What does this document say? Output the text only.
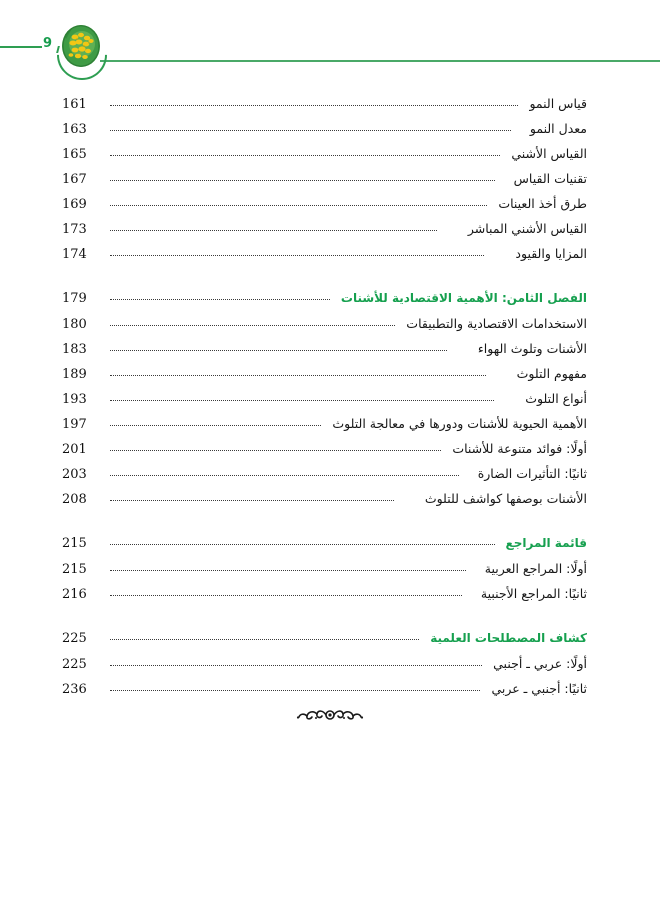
9
قياس النمو
161
معدل النمو
163
القياس الأشني
165
تقنيات القياس
167
طرق أخذ العينات
169
القياس الأشني المباشر
173
المزايا والقيود
174
الفصل الثامن: الأهمية الاقتصادية للأشنات
179
الاستخدامات الاقتصادية والتطبيقات
180
الأشنات وتلوث الهواء
183
مفهوم التلوث
189
أنواع التلوث
193
الأهمية الحيوية للأشنات ودورها في معالجة التلوث
197
أولًا: فوائد متنوعة للأشنات
201
ثانيًا: التأثيرات الضارة
203
الأشنات بوصفها كواشف للتلوث
208
قائمة المراجع
215
أولًا: المراجع العربية
215
ثانيًا: المراجع الأجنبية
216
كشاف المصطلحات العلمية
225
أولًا: عربي ـ أجنبي
225
ثانيًا: أجنبي ـ عربي
236
